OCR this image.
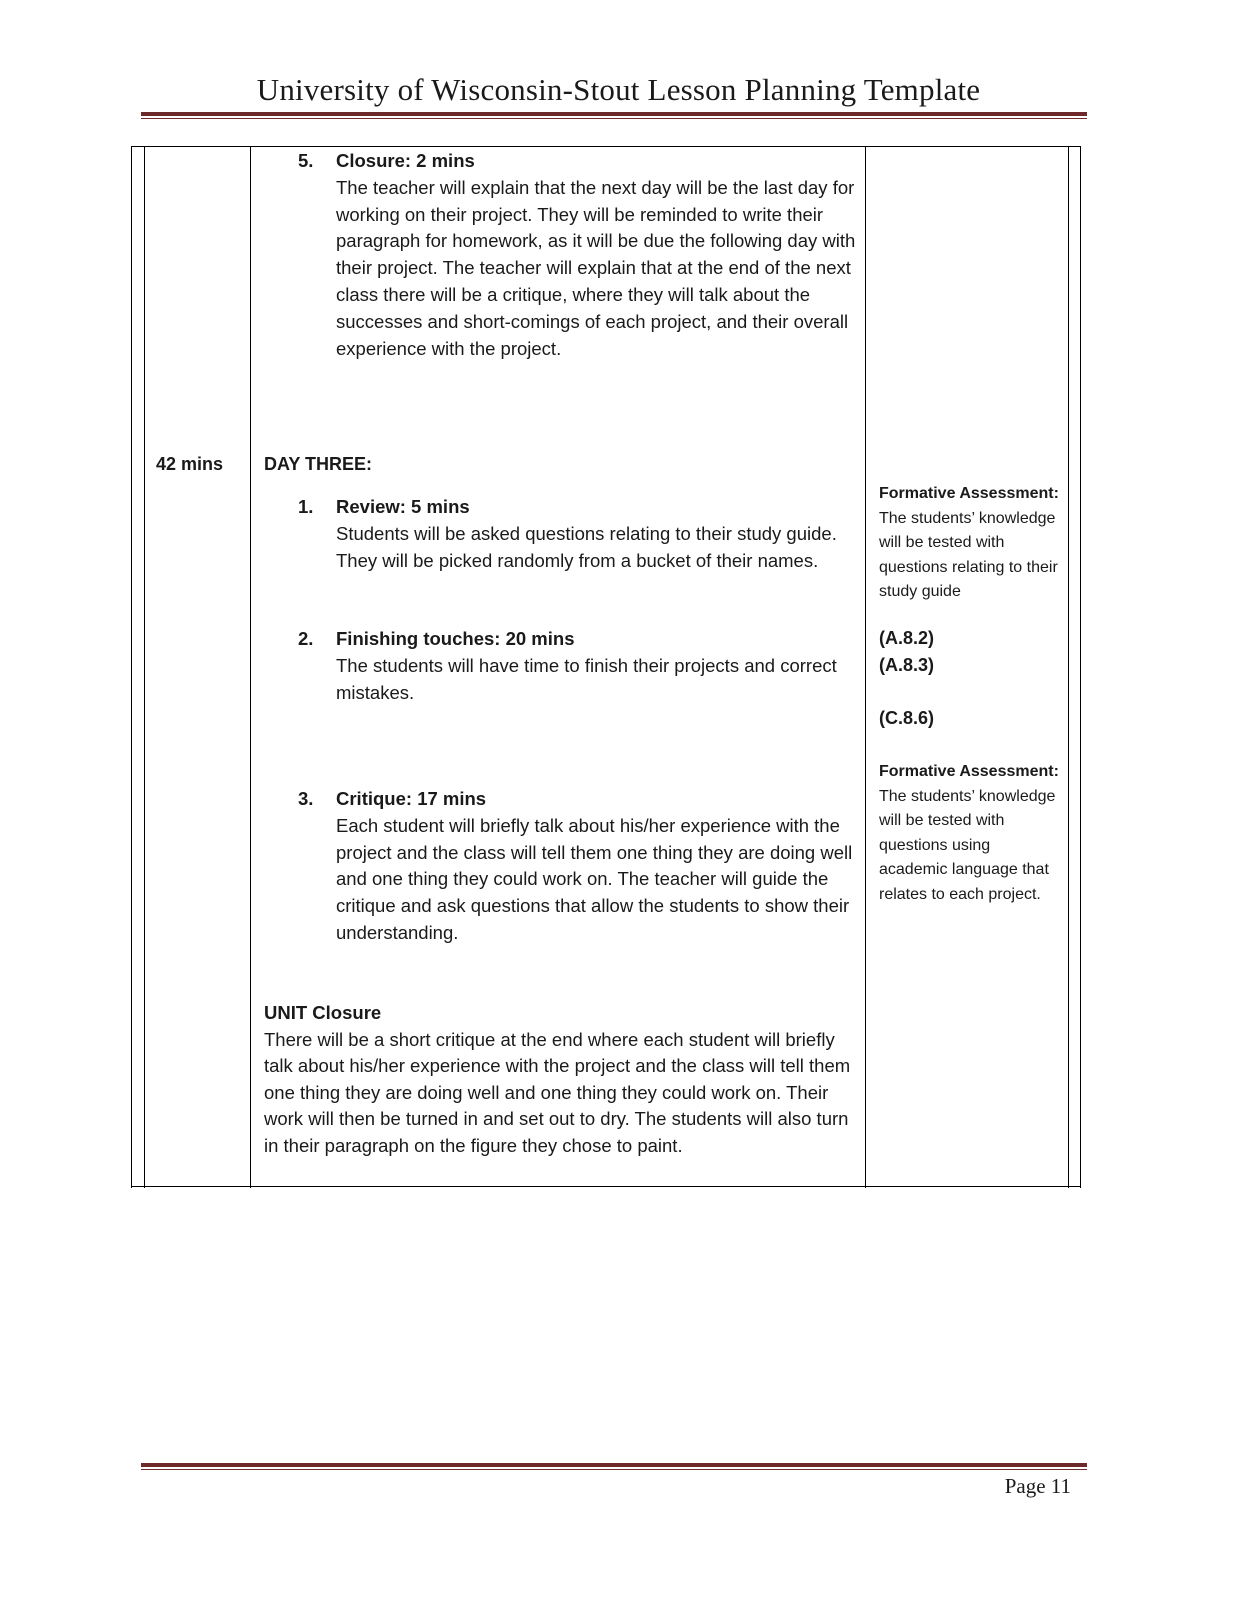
University of Wisconsin-Stout Lesson Planning Template
5. Closure: 2 mins
The teacher will explain that the next day will be the last day for working on their project. They will be reminded to write their paragraph for homework, as it will be due the following day with their project. The teacher will explain that at the end of the next class there will be a critique, where they will talk about the successes and short-comings of each project, and their overall experience with the project.
42 mins DAY THREE:
1. Review: 5 mins
Students will be asked questions relating to their study guide. They will be picked randomly from a bucket of their names.
2. Finishing touches: 20 mins
The students will have time to finish their projects and correct mistakes.
3. Critique: 17 mins
Each student will briefly talk about his/her experience with the project and the class will tell them one thing they are doing well and one thing they could work on. The teacher will guide the critique and ask questions that allow the students to show their understanding.
UNIT Closure
There will be a short critique at the end where each student will briefly talk about his/her experience with the project and the class will tell them one thing they are doing well and one thing they could work on. Their work will then be turned in and set out to dry. The students will also turn in their paragraph on the figure they chose to paint.
Formative Assessment: The students’ knowledge will be tested with questions relating to their study guide
(A.8.2)
(A.8.3)
(C.8.6)
Formative Assessment: The students’ knowledge will be tested with questions using academic language that relates to each project.
Page 11
